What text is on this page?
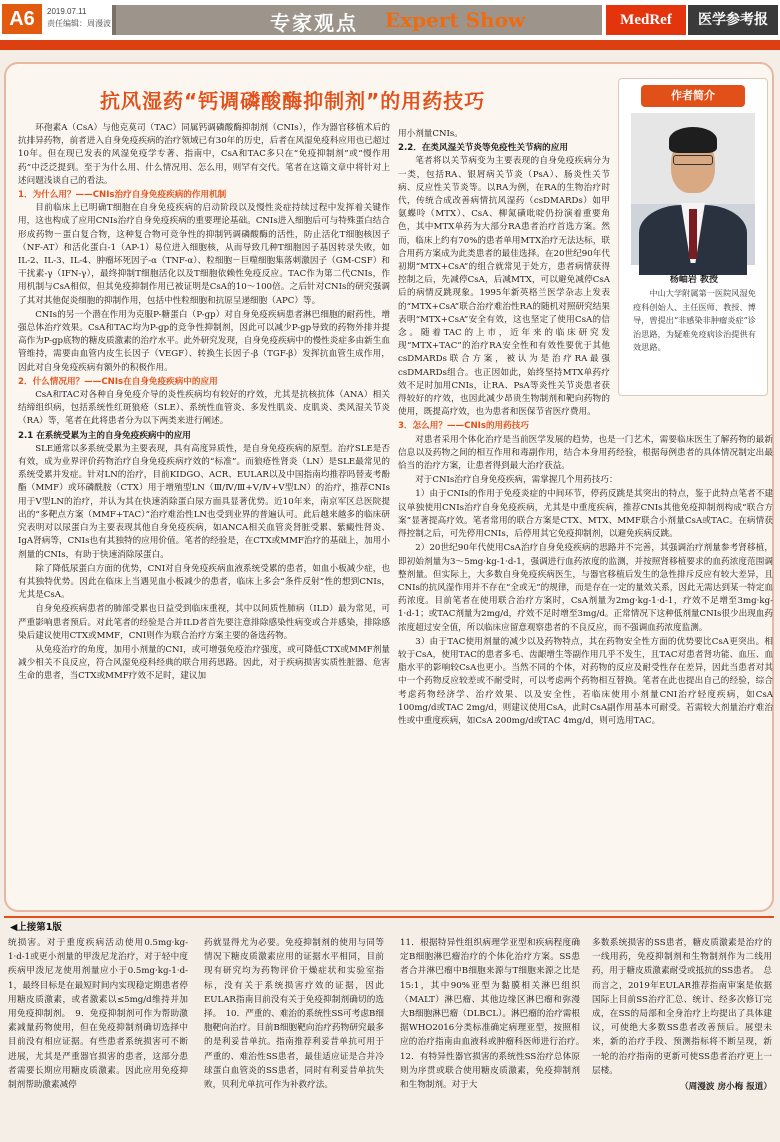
A6	2019.07.11
责任编辑：周漫波	专家观点 Expert Show	MedRef	医学参考报
抗风湿药“钙调磷酸酶抑制剂”的用药技巧
环孢素A（CsA）与他克莫司（TAC）同属钙调磷酸酶抑制剂（CNIs），作为器官移植术后的抗排异药物，前者进入自身免疫疾病的治疗领域已有30年的历史，后者在风湿免疫科应用也已超过10年。但在现已发表的风湿免疫学专著、指南中，CsA和TAC多只在“免疫抑制剂”或“慢作用药”中泛泛提到。至于为什么用、什么情况用、怎么用，则罕有交代。笔者在这篇文章中将针对上述问题浅谈自己的看法。
1．为什么用？——CNIs治疗自身免疫疾病的作用机制
目前临床上已明确T细胞在自身免疫疾病的启动阶段以及慢性炎症持续过程中发挥着关键作用，这也构成了应用CNIs治疗自身免疫疾病的重要理论基础。CNIs进入细胞后可与特殊蛋白结合形成药物－蛋白复合物，这种复合物可竞争性的抑制钙调磷酸酶的活性，防止活化T细胞核因子（NF-AT）和活化蛋白-1（AP-1）易位进入细胞核，从而导致几种T细胞因子基因转录失败，如IL-2、IL-3、IL-4、肿瘤坏死因子-α（TNF-α）、粒细胞－巨噬细胞集落刺激因子（GM-CSF）和干扰素-γ（IFN-γ），最终抑制T细胞活化以及T细胞依赖性免疫反应。TAC作为第二代CNIs，作用机制与CsA相似，但其免疫抑制作用已被证明是CsA的10～100倍。之后针对CNIs的研究强调了其对其他促炎细胞的抑制作用，包括中性粒细胞和抗原呈递细胞（APC）等。
CNIs的另一个潜在作用为克服P-糖蛋白（P-gp）对自身免疫疾病患者淋巴细胞的耐药性，增强总体治疗效果。CsA和TAC均为P-gp的竞争性抑制剂，因此可以减少P-gp导致的药物外排并提高作为P-gp底物的糖皮质激素的治疗水平。此外研究发现，自身免疫疾病中的慢性炎症多由新生血管维持，需要由血管内皮生长因子（VEGF）、转换生长因子-β（TGF-β）发挥抗血管生成作用，因此对自身免疫疾病有额外的积极作用。
2．什么情况用？——CNIs在自身免疫疾病中的应用
CsA和TAC对各种自身免疫介导的炎性疾病均有较好的疗效，尤其是抗核抗体（ANA）相关结缔组织病，包括系统性红斑狼疮（SLE）、系统性血管炎、多发性肌炎、皮肌炎、类风湿关节炎（RA）等，笔者在此将患者分为以下两类来进行阐述。
2.1 在系统受累为主的自身免疫疾病中的应用
SLE通常以多系统受累为主要表现，具有高度异质性，是自身免疫疾病的原型。治疗SLE是否有效，成为业界评价药物治疗自身免疫疾病疗效的“标准”。而狼疮性肾炎（LN）是SLE最常见的系统受累并发症。针对LN的治疗，目前KIDGO、ACR、EULAR以及中国指南均推荐吗替麦考酚酯（MMF）或环磷酰胺（CTX）用于增殖型LN（Ⅲ/Ⅳ/Ⅲ+Ⅴ/Ⅳ+Ⅴ型LN）的治疗，推荐CNIs用于Ⅴ型LN的治疗，并认为其在快速消除蛋白尿方面具显著优势。近10年来，南京军区总医院提出的“多靶点方案（MMF+TAC）”治疗难治性LN也受到业界的普遍认可。此后越来越多的临床研究表明对以尿蛋白为主要表现其他自身免疫疾病，如ANCA相关血管炎肾脏受累、紫癜性肾炎、IgA肾病等，CNIs也有其独特的应用价值。笔者的经验是，在CTX或MMF治疗的基础上，加用小剂量的CNIs，有助于快速消除尿蛋白。
除了降低尿蛋白方面的优势，CNI对自身免疫疾病血液系统受累的患者，如血小板减少症，也有其独特优势。因此在临床上当遇见血小板减少的患者，临床上多会“条件反射”性的想到CNIs，尤其是CsA。
自身免疫疾病患者的肺部受累也日益受到临床重视，其中以间质性肺病（ILD）最为常见，可严重影响患者预后。对此笔者的经验是合并ILD者首先要注意排除感染性病变或合并感染，排除感染后建议使用CTX或MMF，CNI则作为联合治疗方案主要的备选药物。
从免疫治疗的角度，加用小剂量的CNI，或可增强免疫治疗强度，或可降低CTX或MMF剂量减少相关不良反应，符合风湿免疫科经典的联合用药思路。因此，对于疾病损害实质性脏器、危害生命的患者，当CTX或MMF疗效不足时，建议加
用小剂量CNIs。
2.2．在类风湿关节炎等免疫性关节病的应用
笔者将以关节病变为主要表现的自身免疫疾病分为一类，包括RA、银屑病关节炎（PsA）、肠炎性关节病、反应性关节炎等。以RA为例，在RA的生物治疗时代，传统合成改善病情抗风湿药（csDMARDs）如甲氨蝶呤（MTX）、CsA、柳氮磺吡啶仍扮演着重要角色，其中MTX单药为大部分RA患者治疗首选方案。然而，临床上约有70%的患者单用MTX治疗无法达标，联合用药方案成为此类患者的最佳选择。在20世纪90年代初期“MTX+CsA”的组合就常见于处方，患者病情获得控制之后，先减停CsA，后减MTX，可以避免减停CsA后的病情反跳现象。1995年新英格兰医学杂志上发表的“MTX+CsA”联合治疗难治性RA的随机对照研究结果表明“MTX+CsA”安全有效，这也坚定了使用CsA的信念。随着TAC的上市，近年来的临床研究发现“MTX+TAC”的治疗RA安全性和有效性要优于其他csDMARDs联合方案，被认为是治疗RA最强csDMARDs组合。也正因如此，始终坚持MTX单药疗效不足时加用CNIs，让RA、PsA等炎性关节炎患者获得较好的疗效，也因此减少昂贵生物制剂和靶向药物的使用，既提高疗效，也为患者和医保节省医疗费用。
3．怎么用？——CNIs的用药技巧
对患者采用个体化治疗是当前医学发展的趋势，也是一门艺术，需要临床医生了解药物的最新信息以及药物之间的相互作用和毒副作用，结合本身用药经验，根据每例患者的具体情况制定出最恰当的治疗方案，让患者得到最大治疗获益。
对于CNIs治疗自身免疫疾病，需掌握几个用药技巧：
1）由于CNIs的作用于免疫炎症的中间环节，停药反跳是其突出的特点，鉴于此特点笔者不建议单独使用CNIs治疗自身免疫疾病，尤其是中重度疾病，推荐CNIs其他免疫抑制剂构成“联合方案”显著提高疗效。笔者常用的联合方案是CTX、MTX、MMF联合小剂量CsA或TAC。在病情获得控制之后，可先停用CNIs，后停用其它免疫抑制剂，以避免疾病反跳。
2）20世纪90年代使用CsA治疗自身免疫疾病的思路并不完善，其强调治疗剂量参考肾移植，即初始剂量为3～5mg·kg-1·d-1，强调进行血药浓度的监测，并按照肾移植要求的血药浓度范围调整剂量。但实际上，大多数自身免疫疾病医生，与器官移植后发生的急性排斥反应有较大差异，且CNIs的抗风湿作用并不存在“全或无”的规律，而是存在一定的量效关系，因此无需达到某一特定血药浓度。目前笔者在使用联合治疗方案时，CsA剂量为2mg·kg-1·d-1，疗效不足增至3mg·kg-1·d-1；或TAC剂量为2mg/d，疗效不足时增至3mg/d。正常情况下这种低剂量CNIs很少出现血药浓度超过安全值，所以临床应留意观察患者的不良反应，而不强调血药浓度监测。
3）由于TAC使用剂量的减少以及药物特点，其在药物安全性方面的优势要比CsA更突出。相较于CsA，使用TAC的患者多毛、齿龈增生等副作用几乎不发生，且TAC对患者肾功能、血压、血脂水平的影响较CsA也更小。当然不同的个体，对药物的反应及耐受性存在差异，因此当患者对其中一个药物反应较差或不耐受时，可以考虑两个药物相互替换。笔者在此也提出自己的经验，综合考虑药物经济学、治疗效果、以及安全性，若临床使用小剂量CNI治疗轻度疾病，如CsA 100mg/d或TAC 2mg/d，则建议使用CsA，此时CsA副作用基本可耐受。若需较大剂量治疗难治性或中重度疾病，如CsA 200mg/d或TAC 4mg/d，则可选用TAC。
作者简介
杨岫岩 教授
中山大学附属第一医院风湿免疫科创始人、主任医师、教授、博导，曾提出“非感染非肿瘤炎症”诊治思路，为疑难免疫病诊治提供有效思路。
◀上接第1版
统损害。对于重度疾病活动使用0.5mg·kg-1·d-1或更小剂量的甲泼尼龙治疗，对于轻中度疾病甲泼尼龙使用剂量应小于0.5mg·kg-1·d-1，最终目标是在最短时间内实现稳定期患者停用糖皮质激素，或者激素以≤5mg/d维持并加用免疫抑制剂。　9．免疫抑制剂可作为帮助激素减量药物使用，但在免疫抑制剂确切选择中目前没有相应证据。有些患者系统损害可不断进展，尤其是严重器官损害的患者，这部分患者需要长期应用糖皮质激素。因此应用免疫抑制剂帮助激素减停
药就显得尤为必要。免疫抑制剂的使用与同等情况下糖皮质激素应用的证据水平相同，目前现有研究均为药物评价干燥症状和实验室指标，没有关于系统损害疗效的证据，因此EULAR指南目前没有关于免疫抑制剂确切的选择。　10．严重的、难治的系统性SS可考虑B细胞靶向治疗。目前B细胞靶向治疗药物研究最多的是利妥昔单抗。指南推荐利妥昔单抗可用于严重的、难治性SS患者，最佳适应证是合并冷球蛋白血管炎的SS患者，同时有利妥昔单抗失败，贝利尤单抗可作为补救疗法。
11．根据特异性组织病理学亚型和疾病程度确定B细胞淋巴瘤治疗的个体化治疗方案。SS患者合并淋巴瘤中B细胞来源与T细胞来源之比是15:1，其中90%亚型为黏膜相关淋巴组织（MALT）淋巴瘤、其他边缘区淋巴瘤和弥漫大B细胞淋巴瘤（DLBCL）。淋巴瘤的治疗需根据WHO2016分类标准确定病理亚型，按照相应的治疗指南由血液科或肿瘤科医师进行治疗。　12．有特异性器官损害的系统性SS治疗总体原则为序贯或联合使用糖皮质激素，免疫抑制剂和生物制剂。对于大
多数系统损害的SS患者，糖皮质激素是治疗的一线用药，免疫抑制剂和生物制剂作为二线用药，用于糖皮质激素耐受或抵抗的SS患者。　总而言之，2019年EULAR推荐指南审案是依据国际上目前SS治疗汇总、统计、经多次修订完成，在SS的局部和全身治疗上均提出了具体建议，可使绝大多数SS患者改善预后。展望未来，新的治疗手段、预测指标将不断呈现，新一轮的治疗指南的更新可使SS患者治疗更上一层楼。
（周漫波 房小梅 报道）
